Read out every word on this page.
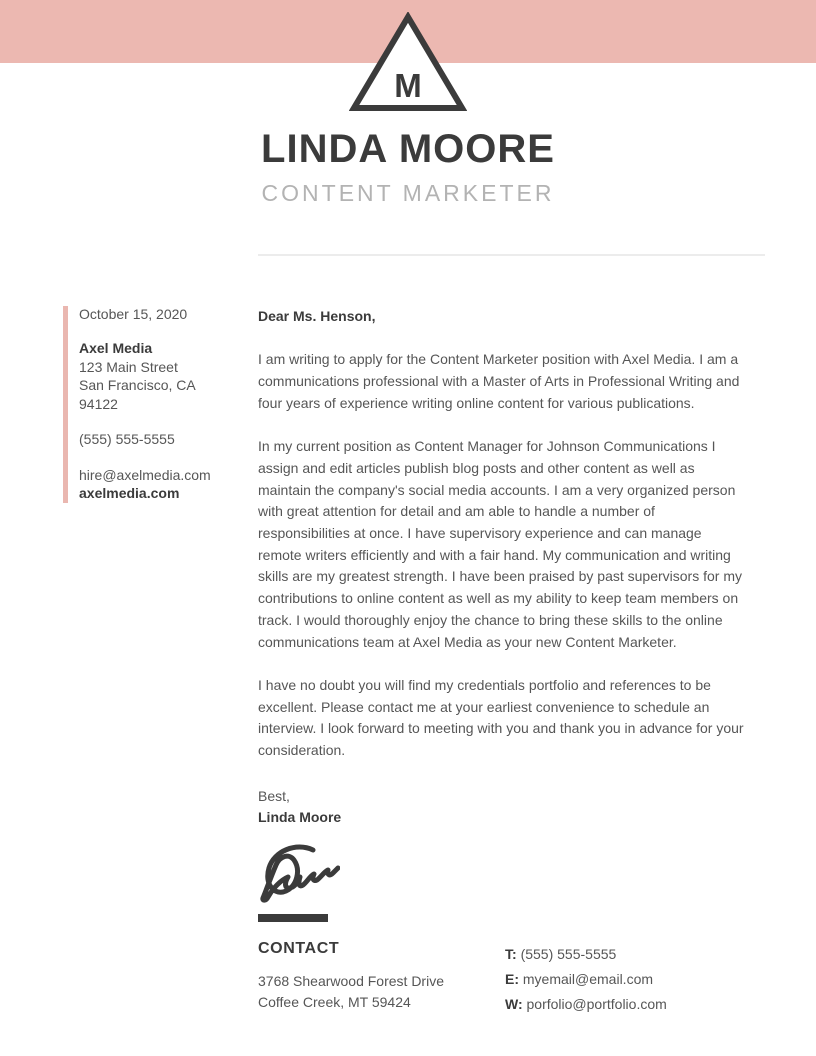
M
LINDA MOORE
CONTENT MARKETER
October 15, 2020
Axel Media
123 Main Street
San Francisco, CA
94122
(555) 555-5555
hire@axelmedia.com
axelmedia.com
Dear Ms. Henson,

I am writing to apply for the Content Marketer position with Axel Media. I am a communications professional with a Master of Arts in Professional Writing and four years of experience writing online content for various publications.

In my current position as Content Manager for Johnson Communications I assign and edit articles publish blog posts and other content as well as maintain the company's social media accounts. I am a very organized person with great attention for detail and am able to handle a number of responsibilities at once. I have supervisory experience and can manage remote writers efficiently and with a fair hand. My communication and writing skills are my greatest strength. I have been praised by past supervisors for my contributions to online content as well as my ability to keep team members on track. I would thoroughly enjoy the chance to bring these skills to the online communications team at Axel Media as your new Content Marketer.

I have no doubt you will find my credentials portfolio and references to be excellent. Please contact me at your earliest convenience to schedule an interview. I look forward to meeting with you and thank you in advance for your consideration.

Best,
Linda Moore
CONTACT
3768 Shearwood Forest Drive
Coffee Creek, MT 59424
T: (555) 555-5555
E: myemail@email.com
W: porfolio@portfolio.com
